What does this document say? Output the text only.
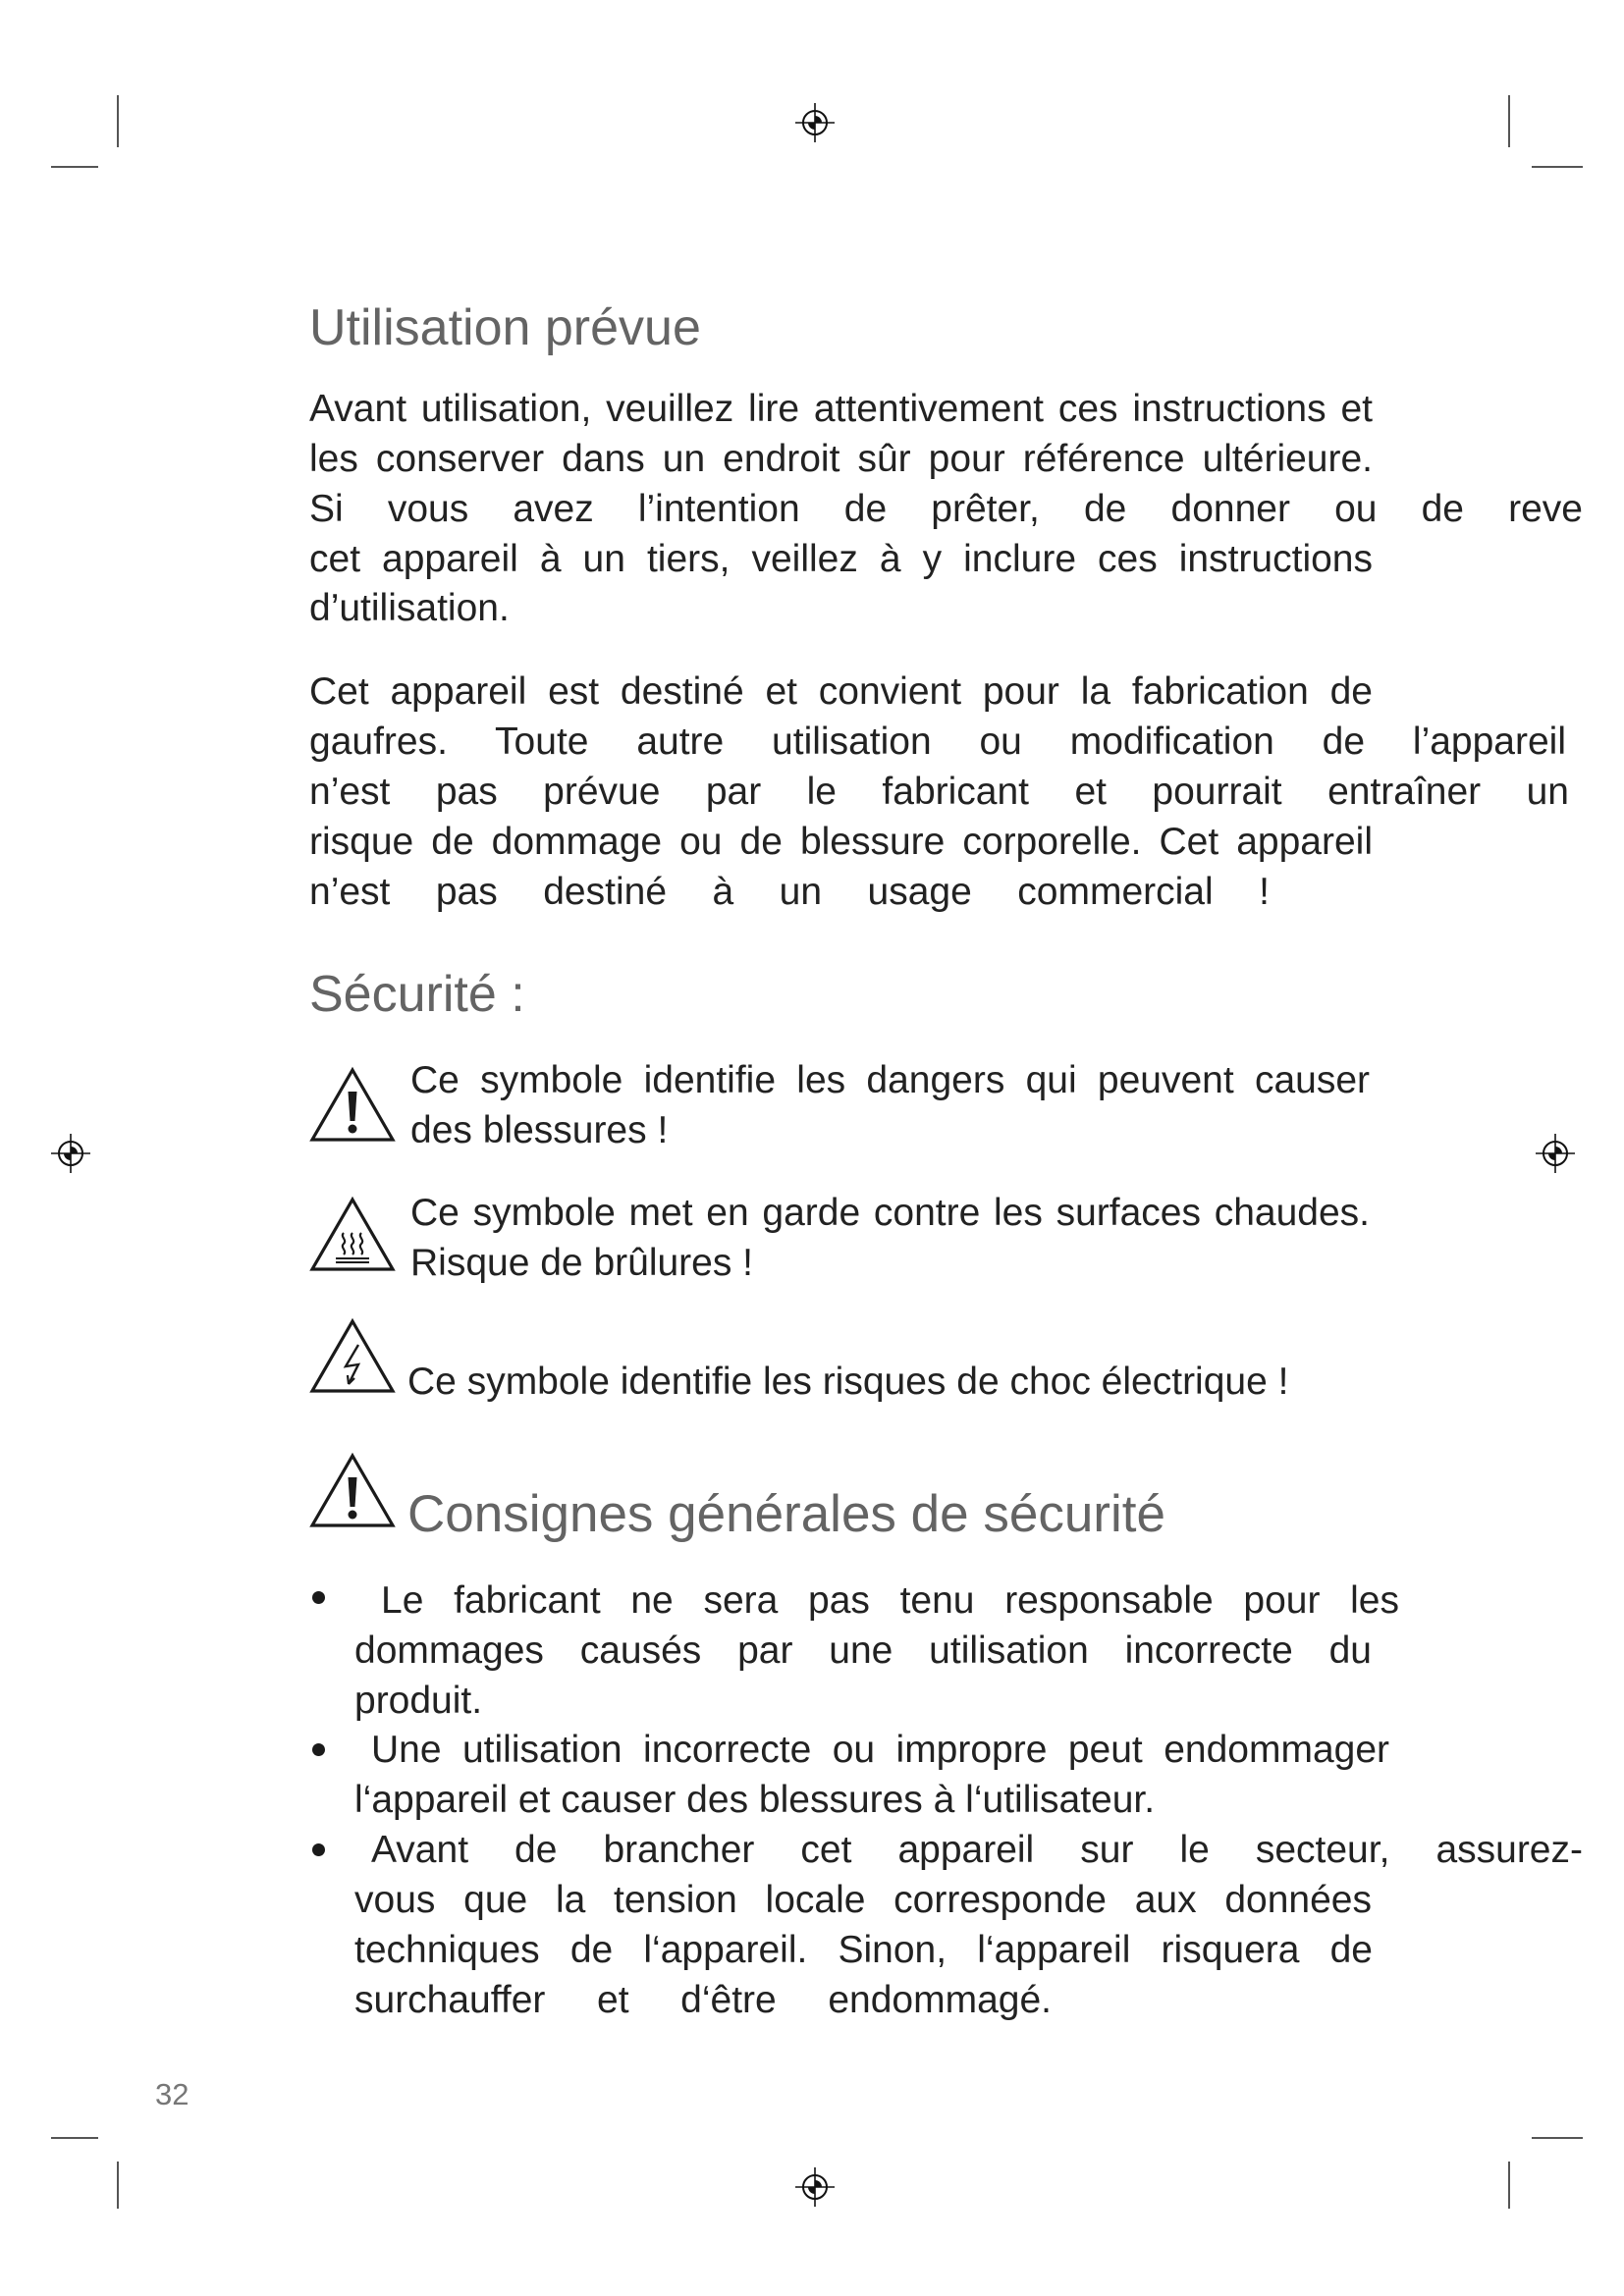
Utilisation prévue
Avant utilisation, veuillez lire attentivement ces instructions et
les conserver dans un endroit sûr pour référence ultérieure.
Si vous avez l’intention de prêter, de donner ou de reve
cet appareil à un tiers, veillez à y inclure ces instructions
d’utilisation.
Cet appareil est destiné et convient pour la fabrication de
gaufres. Toute autre utilisation ou modification de l’appareil
n’est pas prévue par le fabricant et pourrait entraîner un
risque de dommage ou de blessure corporelle. Cet appareil
n’est pas destiné à un usage commercial !
Sécurité :
Ce symbole identifie les dangers qui peuvent causer
des blessures !
Ce symbole met en garde contre les surfaces chaudes.
Risque de brûlures !
Ce symbole identifie les risques de choc électrique !
Consignes générales de sécurité
Le fabricant ne sera pas tenu responsable pour les
dommages causés par une utilisation incorrecte du
produit.
Une utilisation incorrecte ou impropre peut endommager
l‘appareil et causer des blessures à l‘utilisateur.
Avant de brancher cet appareil sur le secteur, assurez-
vous que la tension locale corresponde aux données
techniques de l‘appareil. Sinon, l‘appareil risquera de
surchauffer et d‘être endommagé.
32
